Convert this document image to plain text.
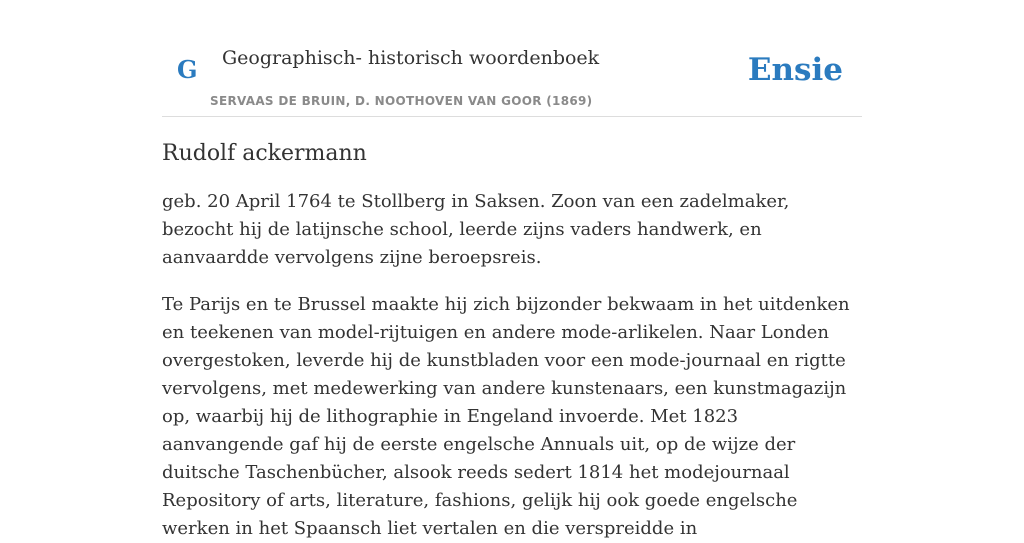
G Geographisch- historisch woordenboek
SERVAAS DE BRUIN, D. NOOTHOVEN VAN GOOR (1869)
Ensie
Rudolf ackermann

geb. 20 April 1764 te Stollberg in Saksen. Zoon van een zadelmaker, bezocht hij de latijnsche school, leerde zijns vaders handwerk, en aanvaardde vervolgens zijne beroepsreis.

Te Parijs en te Brussel maakte hij zich bijzonder bekwaam in het uitdenken en teekenen van model-rijtuigen en andere mode-arlikelen. Naar Londen overgestoken, leverde hij de kunstbladen voor een mode-journaal en rigtte vervolgens, met medewerking van andere kunstenaars, een kunstmagazijn op, waarbij hij de lithographie in Engeland invoerde. Met 1823 aanvangende gaf hij de eerste engelsche Annuals uit, op de wijze der duitsche Taschenbücher, alsook reeds sedert 1814 het modejournaal Repository of arts, literature, fashions, gelijk hij ook goede engelsche werken in het Spaansch liet vertalen en die verspreidde in
